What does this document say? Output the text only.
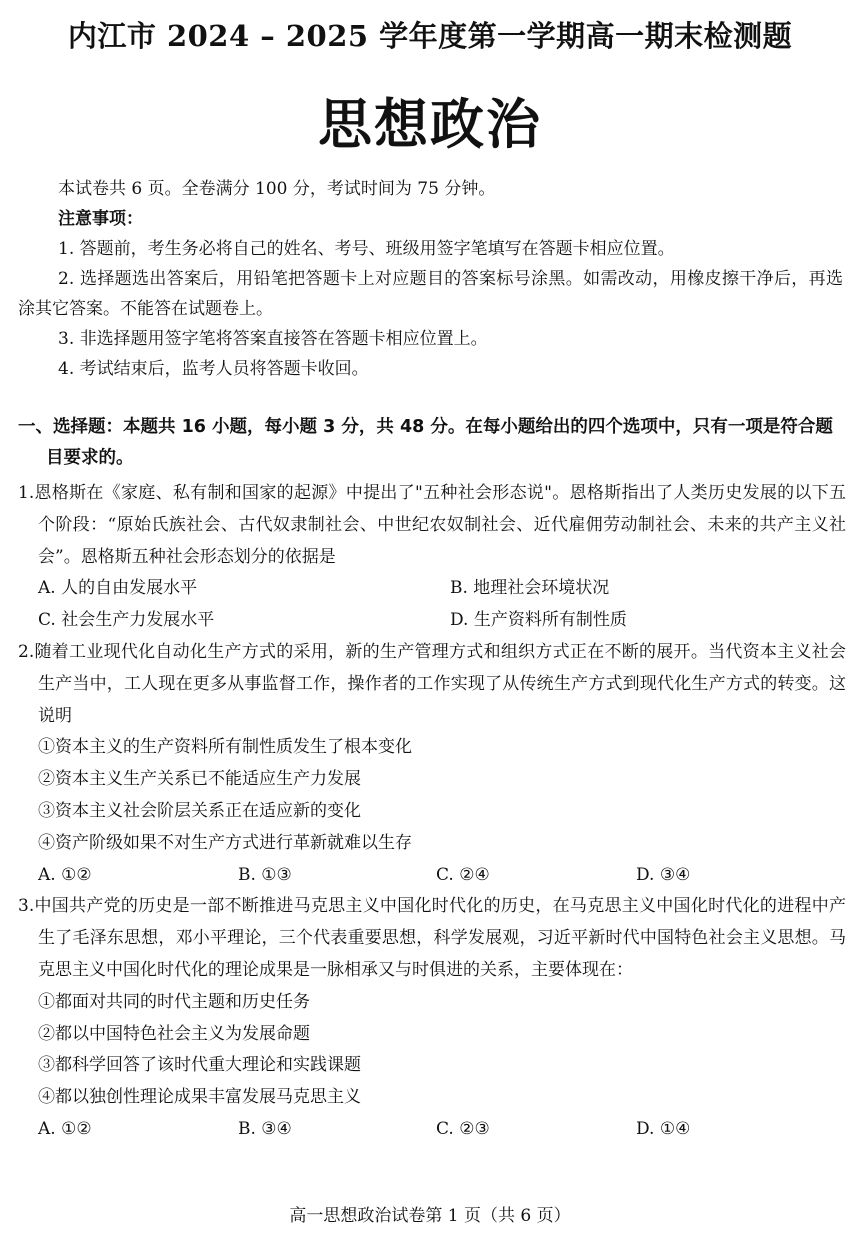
内江市 2024 – 2025 学年度第一学期高一期末检测题
思想政治
本试卷共 6 页。全卷满分 100 分，考试时间为 75 分钟。
注意事项：
1. 答题前，考生务必将自己的姓名、考号、班级用签字笔填写在答题卡相应位置。
2. 选择题选出答案后，用铅笔把答题卡上对应题目的答案标号涂黑。如需改动，用橡皮擦干净后，再选涂其它答案。不能答在试题卷上。
3. 非选择题用签字笔将答案直接答在答题卡相应位置上。
4. 考试结束后，监考人员将答题卡收回。
一、选择题：本题共 16 小题，每小题 3 分，共 48 分。在每小题给出的四个选项中，只有一项是符合题目要求的。
1.恩格斯在《家庭、私有制和国家的起源》中提出了"五种社会形态说"。恩格斯指出了人类历史发展的以下五个阶段：“原始氏族社会、古代奴隶制社会、中世纪农奴制社会、近代雇佣劳动制社会、未来的共产主义社会”。恩格斯五种社会形态划分的依据是
A. 人的自由发展水平	B. 地理社会环境状况
C. 社会生产力发展水平	D. 生产资料所有制性质
2.随着工业现代化自动化生产方式的采用，新的生产管理方式和组织方式正在不断的展开。当代资本主义社会生产当中，工人现在更多从事监督工作，操作者的工作实现了从传统生产方式到现代化生产方式的转变。这说明
①资本主义的生产资料所有制性质发生了根本变化
②资本主义生产关系已不能适应生产力发展
③资本主义社会阶层关系正在适应新的变化
④资产阶级如果不对生产方式进行革新就难以生存
A. ①②	B. ①③	C. ②④	D. ③④
3.中国共产党的历史是一部不断推进马克思主义中国化时代化的历史，在马克思主义中国化时代化的进程中产生了毛泽东思想，邓小平理论，三个代表重要思想，科学发展观，习近平新时代中国特色社会主义思想。马克思主义中国化时代化的理论成果是一脉相承又与时俱进的关系，主要体现在：
①都面对共同的时代主题和历史任务
②都以中国特色社会主义为发展命题
③都科学回答了该时代重大理论和实践课题
④都以独创性理论成果丰富发展马克思主义
A. ①②	B. ③④	C. ②③	D. ①④
高一思想政治试卷第 1 页（共 6 页）
